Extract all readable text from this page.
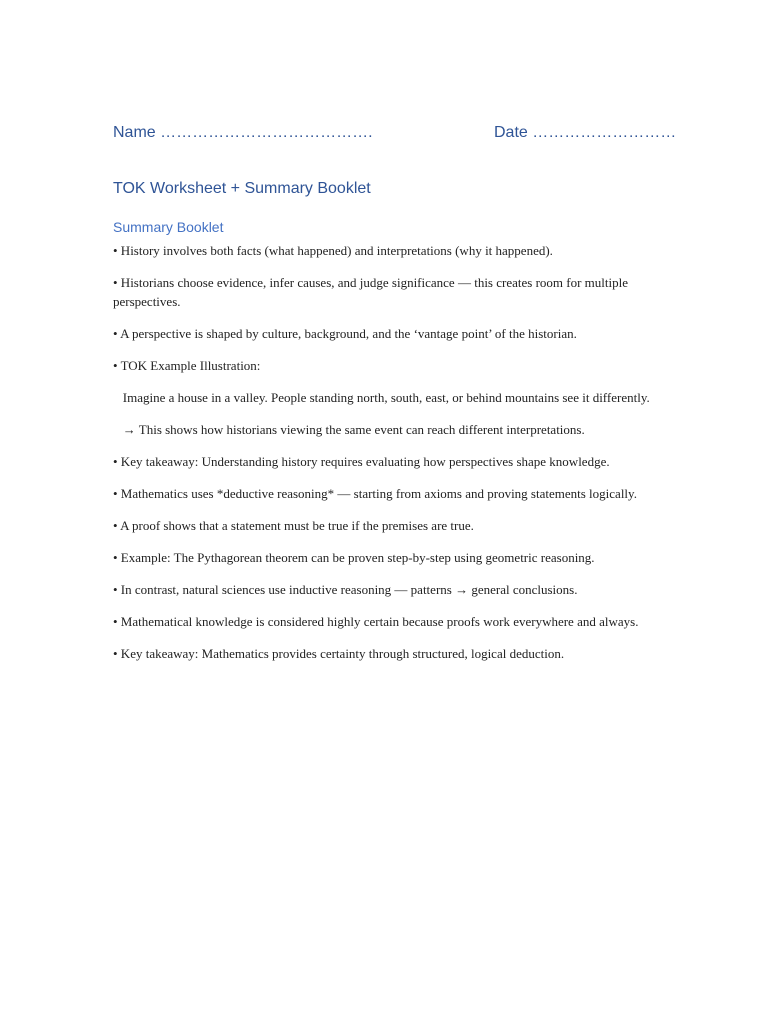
Name ………………………………….	Date ………………………
TOK Worksheet + Summary Booklet
Summary Booklet

• History involves both facts (what happened) and interpretations (why it happened).

• Historians choose evidence, infer causes, and judge significance — this creates room for multiple perspectives.

• A perspective is shaped by culture, background, and the ‘vantage point’ of the historian.

• TOK Example Illustration:

Imagine a house in a valley. People standing north, south, east, or behind mountains see it differently.

→ This shows how historians viewing the same event can reach different interpretations.

• Key takeaway: Understanding history requires evaluating how perspectives shape knowledge.

• Mathematics uses *deductive reasoning* — starting from axioms and proving statements logically.

• A proof shows that a statement must be true if the premises are true.

• Example: The Pythagorean theorem can be proven step-by-step using geometric reasoning.

• In contrast, natural sciences use inductive reasoning — patterns → general conclusions.

• Mathematical knowledge is considered highly certain because proofs work everywhere and always.

• Key takeaway: Mathematics provides certainty through structured, logical deduction.
